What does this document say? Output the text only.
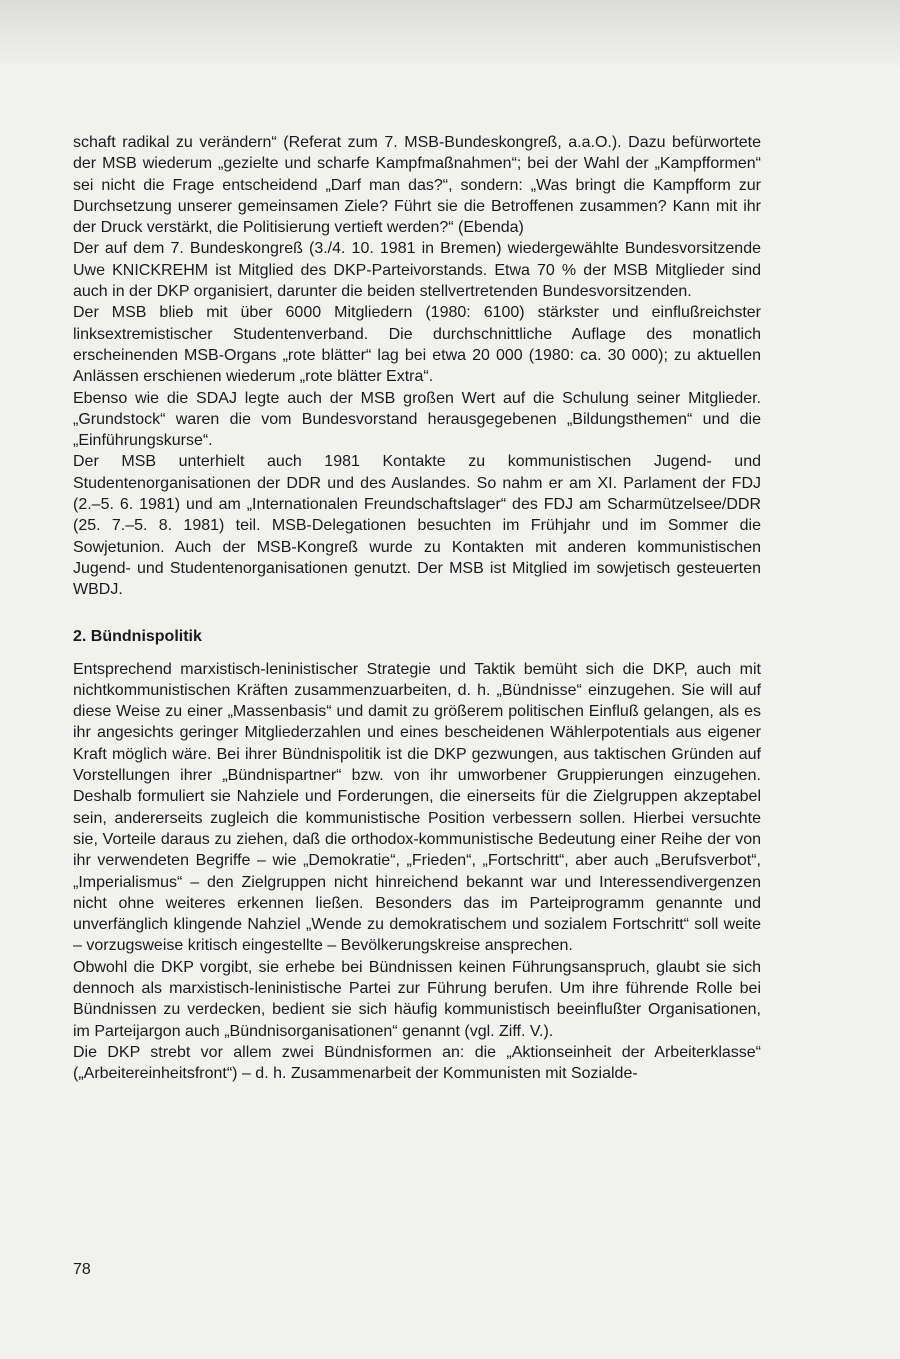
schaft radikal zu verändern“ (Referat zum 7. MSB-Bundeskongreß, a.a.O.). Dazu befürwortete der MSB wiederum „gezielte und scharfe Kampfmaßnahmen“; bei der Wahl der „Kampfformen“ sei nicht die Frage entscheidend „Darf man das?“, sondern: „Was bringt die Kampfform zur Durchsetzung unserer gemeinsamen Ziele? Führt sie die Betroffenen zusammen? Kann mit ihr der Druck verstärkt, die Politisierung vertieft werden?“ (Ebenda)

Der auf dem 7. Bundeskongreß (3./4. 10. 1981 in Bremen) wiedergewählte Bundesvorsitzende Uwe KNICKREHM ist Mitglied des DKP-Parteivorstands. Etwa 70 % der MSB Mitglieder sind auch in der DKP organisiert, darunter die beiden stellvertretenden Bundesvorsitzenden.

Der MSB blieb mit über 6000 Mitgliedern (1980: 6100) stärkster und einflußreichster linksextremistischer Studentenverband. Die durchschnittliche Auflage des monatlich erscheinenden MSB-Organs „rote blätter“ lag bei etwa 20 000 (1980: ca. 30 000); zu aktuellen Anlässen erschienen wiederum „rote blätter Extra“.

Ebenso wie die SDAJ legte auch der MSB großen Wert auf die Schulung seiner Mitglieder. „Grundstock“ waren die vom Bundesvorstand herausgegebenen „Bildungsthemen“ und die „Einführungskurse“.

Der MSB unterhielt auch 1981 Kontakte zu kommunistischen Jugend- und Studentenorganisationen der DDR und des Auslandes. So nahm er am XI. Parlament der FDJ (2.–5. 6. 1981) und am „Internationalen Freundschaftslager“ des FDJ am Scharmützelsee/DDR (25. 7.–5. 8. 1981) teil. MSB-Delegationen besuchten im Frühjahr und im Sommer die Sowjetunion. Auch der MSB-Kongreß wurde zu Kontakten mit anderen kommunistischen Jugend- und Studentenorganisationen genutzt. Der MSB ist Mitglied im sowjetisch gesteuerten WBDJ.

2. Bündnispolitik

Entsprechend marxistisch-leninistischer Strategie und Taktik bemüht sich die DKP, auch mit nichtkommunistischen Kräften zusammenzuarbeiten, d. h. „Bündnisse“ einzugehen. Sie will auf diese Weise zu einer „Massenbasis“ und damit zu größerem politischen Einfluß gelangen, als es ihr angesichts geringer Mitgliederzahlen und eines bescheidenen Wählerpotentials aus eigener Kraft möglich wäre. Bei ihrer Bündnispolitik ist die DKP gezwungen, aus taktischen Gründen auf Vorstellungen ihrer „Bündnispartner“ bzw. von ihr umworbener Gruppierungen einzugehen. Deshalb formuliert sie Nahziele und Forderungen, die einerseits für die Zielgruppen akzeptabel sein, andererseits zugleich die kommunistische Position verbessern sollen. Hierbei versuchte sie, Vorteile daraus zu ziehen, daß die orthodox-kommunistische Bedeutung einer Reihe der von ihr verwendeten Begriffe – wie „Demokratie“, „Frieden“, „Fortschritt“, aber auch „Berufsverbot“, „Imperialismus“ – den Zielgruppen nicht hinreichend bekannt war und Interessendivergenzen nicht ohne weiteres erkennen ließen. Besonders das im Parteiprogramm genannte und unverfänglich klingende Nahziel „Wende zu demokratischem und sozialem Fortschritt“ soll weite – vorzugsweise kritisch eingestellte – Bevölkerungskreise ansprechen.

Obwohl die DKP vorgibt, sie erhebe bei Bündnissen keinen Führungsanspruch, glaubt sie sich dennoch als marxistisch-leninistische Partei zur Führung berufen. Um ihre führende Rolle bei Bündnissen zu verdecken, bedient sie sich häufig kommunistisch beeinflußter Organisationen, im Parteijargon auch „Bündnisorganisationen“ genannt (vgl. Ziff. V.).

Die DKP strebt vor allem zwei Bündnisformen an: die „Aktionseinheit der Arbeiterklasse“ („Arbeitereinheitsfront“) – d. h. Zusammenarbeit der Kommunisten mit Sozialde-

78
